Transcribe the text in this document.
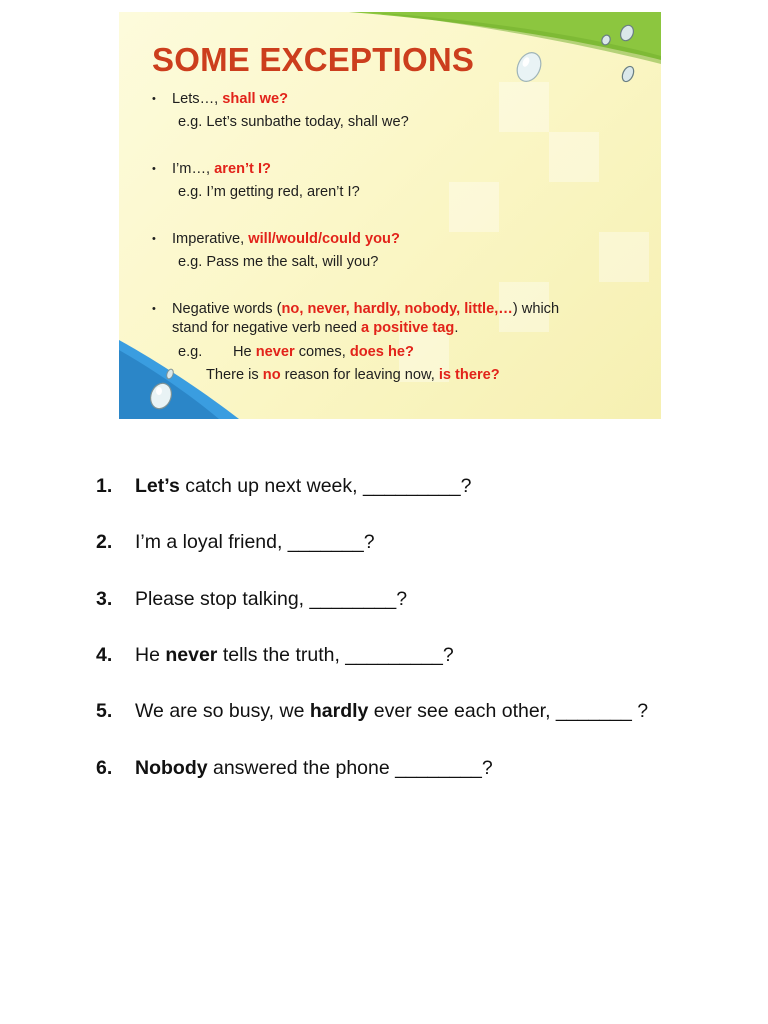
SOME EXCEPTIONS
• Lets…, shall we?
e.g. Let’s sunbathe today, shall we?
• I’m…, aren’t I?
e.g. I’m getting red, aren’t I?
• Imperative, will/would/could you?
e.g. Pass me the salt, will you?
• Negative words (no, never, hardly, nobody, little,…) which
stand for negative verb need a positive tag.
e.g. He never comes, does he?
There is no reason for leaving now, is there?
1. Let’s catch up next week, _________?
2. I’m a loyal friend, _______?
3. Please stop talking, ________?
4. He never tells the truth, _________?
5. We are so busy, we hardly ever see each other, _______ ?
6. Nobody answered the phone ________?
